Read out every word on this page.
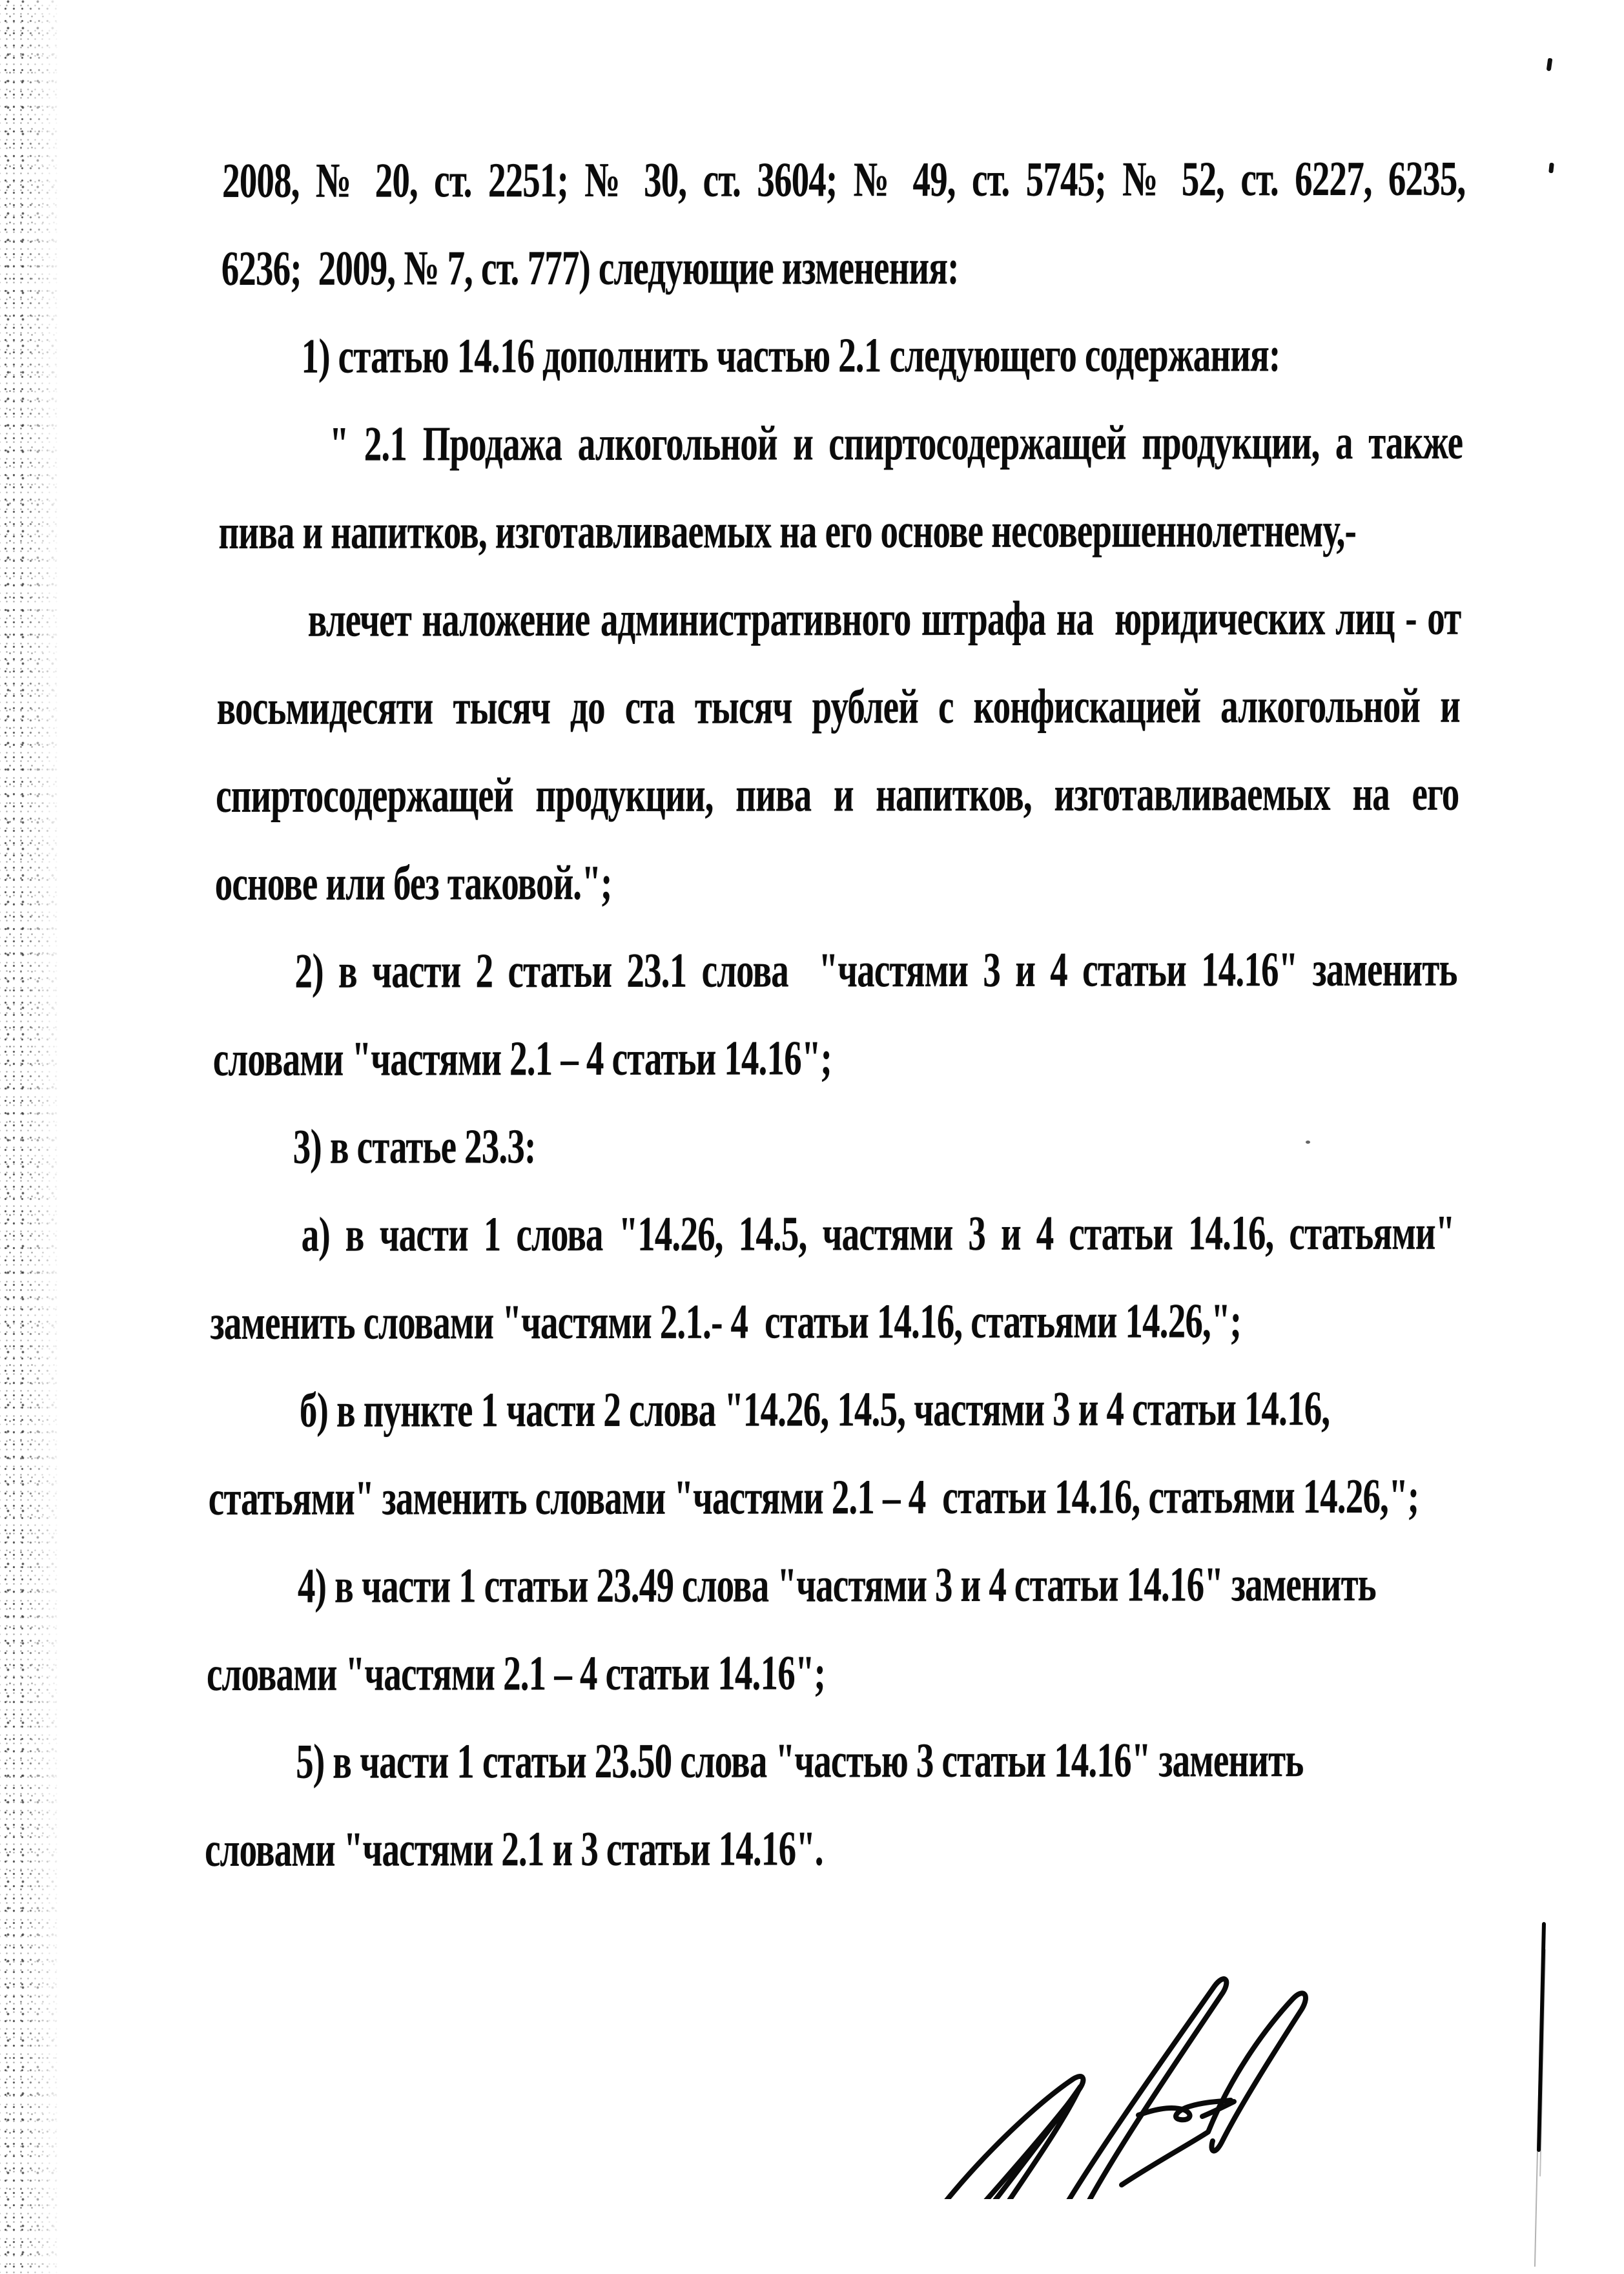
2008, № 20, ст. 2251; № 30, ст. 3604; № 49, ст. 5745; № 52, ст. 6227, 6235,
6236;  2009, № 7, ст. 777) следующие изменения:
1) статью 14.16 дополнить частью 2.1 следующего содержания:
" 2.1 Продажа алкогольной и спиртосодержащей продукции, а также
пива и напитков, изготавливаемых на его основе несовершеннолетнему,-
влечет наложение административного штрафа на  юридических лиц - от
восьмидесяти тысяч до ста тысяч рублей с конфискацией алкогольной и
спиртосодержащей продукции, пива и напитков, изготавливаемых на его
основе или без таковой.";
2) в части 2 статьи 23.1 слова  "частями 3 и 4 статьи 14.16" заменить
словами "частями 2.1 – 4 статьи 14.16";
3) в статье 23.3:
а) в части 1 слова "14.26, 14.5, частями 3 и 4 статьи 14.16, статьями"
заменить словами "частями 2.1.- 4  статьи 14.16, статьями 14.26,";
б) в пункте 1 части 2 слова "14.26, 14.5, частями 3 и 4 статьи 14.16,
статьями" заменить словами "частями 2.1 – 4  статьи 14.16, статьями 14.26,";
4) в части 1 статьи 23.49 слова "частями 3 и 4 статьи 14.16" заменить
словами "частями 2.1 – 4 статьи 14.16";
5) в части 1 статьи 23.50 слова "частью 3 статьи 14.16" заменить
словами "частями 2.1 и 3 статьи 14.16".
